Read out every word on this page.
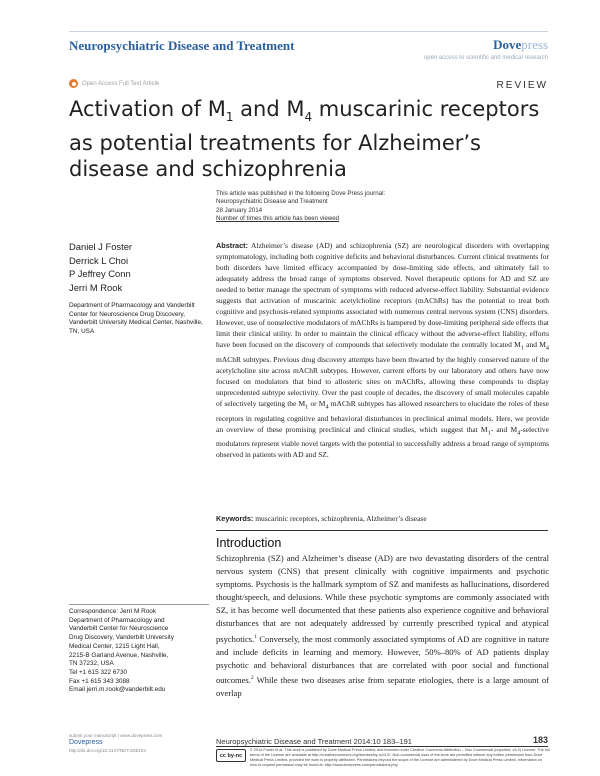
Neuropsychiatric Disease and Treatment	Dovepress
open access to scientific and medical research
Open Access Full Text Article	REVIEW
Activation of $M_1$ and $M_4$ muscarinic receptors as potential treatments for Alzheimer’s disease and schizophrenia
This article was published in the following Dove Press journal:
Neuropsychiatric Disease and Treatment
28 January 2014
Number of times this article has been viewed
Daniel J Foster
Derrick L Choi
P Jeffrey Conn
Jerri M Rook
Department of Pharmacology and Vanderbilt Center for Neuroscience Drug Discovery, Vanderbilt University Medical Center, Nashville, TN, USA
Abstract: Alzheimer’s disease (AD) and schizophrenia (SZ) are neurological disorders with overlapping symptomatology, including both cognitive deficits and behavioral disturbances. Current clinical treatments for both disorders have limited efficacy accompanied by dose-limiting side effects, and ultimately fail to adequately address the broad range of symptoms observed. Novel therapeutic options for AD and SZ are needed to better manage the spectrum of symptoms with reduced adverse-effect liability. Substantial evidence suggests that activation of muscarinic acetylcholine receptors (mAChRs) has the potential to treat both cognitive and psychosis-related symptoms associated with numerous central nervous system (CNS) disorders. However, use of nonselective modulators of mAChRs is hampered by dose-limiting peripheral side effects that limit their clinical utility. In order to maintain the clinical efficacy without the adverse-effect liability, efforts have been focused on the discovery of compounds that selectively modulate the centrally located $M_1$ and $M_4$ mAChR subtypes. Previous drug discovery attempts have been thwarted by the highly conserved nature of the acetylcholine site across mAChR subtypes. However, current efforts by our laboratory and others have now focused on modulators that bind to allosteric sites on mAChRs, allowing these compounds to display unprecedented subtype selectivity. Over the past couple of decades, the discovery of small molecules capable of selectively targeting the $M_1$ or $M_4$ mAChR subtypes has allowed researchers to elucidate the roles of these receptors in regulating cognitive and behavioral disturbances in preclinical animal models. Here, we provide an overview of these promising preclinical and clinical studies, which suggest that $M_1-$ and $M_4$-selective modulators represent viable novel targets with the potential to successfully address a broad range of symptoms observed in patients with AD and SZ.
Keywords: muscarinic receptors, schizophrenia, Alzheimer’s disease
Introduction
Schizophrenia (SZ) and Alzheimer’s disease (AD) are two devastating disorders of the central nervous system (CNS) that present clinically with cognitive impairments and psychotic symptoms. Psychosis is the hallmark symptom of SZ and manifests as hallucinations, disordered thought/speech, and delusions. While these psychotic symptoms are commonly associated with SZ, it has become well documented that these patients also experience cognitive and behavioral disturbances that are not adequately addressed by currently prescribed typical and atypical psychotics.$^1$ Conversely, the most commonly associated symptoms of AD are cognitive in nature and include deficits in learning and memory. However, 50%–80% of AD patients display psychotic and behavioral disturbances that are correlated with poor social and functional outcomes.$^2$ While these two diseases arise from separate etiologies, there is a large amount of overlap
Correspondence: Jerri M Rook
Department of Pharmacology and
Vanderbilt Center for Neuroscience
Drug Discovery, Vanderbilt University
Medical Center, 1215 Light Hall,
2215-B Garland Avenue, Nashville,
TN 37232, USA
Tel +1 615 322 6730
Fax +1 615 343 3088
Email jerri.m.rook@vanderbilt.edu
submit your manuscript | www.dovepress.com
Dovepress
http://dx.doi.org/10.2147/NDT.S55104
Neuropsychiatric Disease and Treatment 2014:10 183–191	183
cc by-nc
© 2014 Foster et al. This work is published by Dove Medical Press Limited, and licensed under Creative Commons Attribution – Non Commercial (unported, v3.0) License. The full terms of the License are available at http://creativecommons.org/licenses/by-nc/3.0/. Non-commercial uses of the work are permitted without any further permission from Dove Medical Press Limited, provided the work is properly attributed. Permissions beyond the scope of the License are administered by Dove Medical Press Limited. Information on how to request permission may be found at: http://www.dovepress.com/permissions.php
